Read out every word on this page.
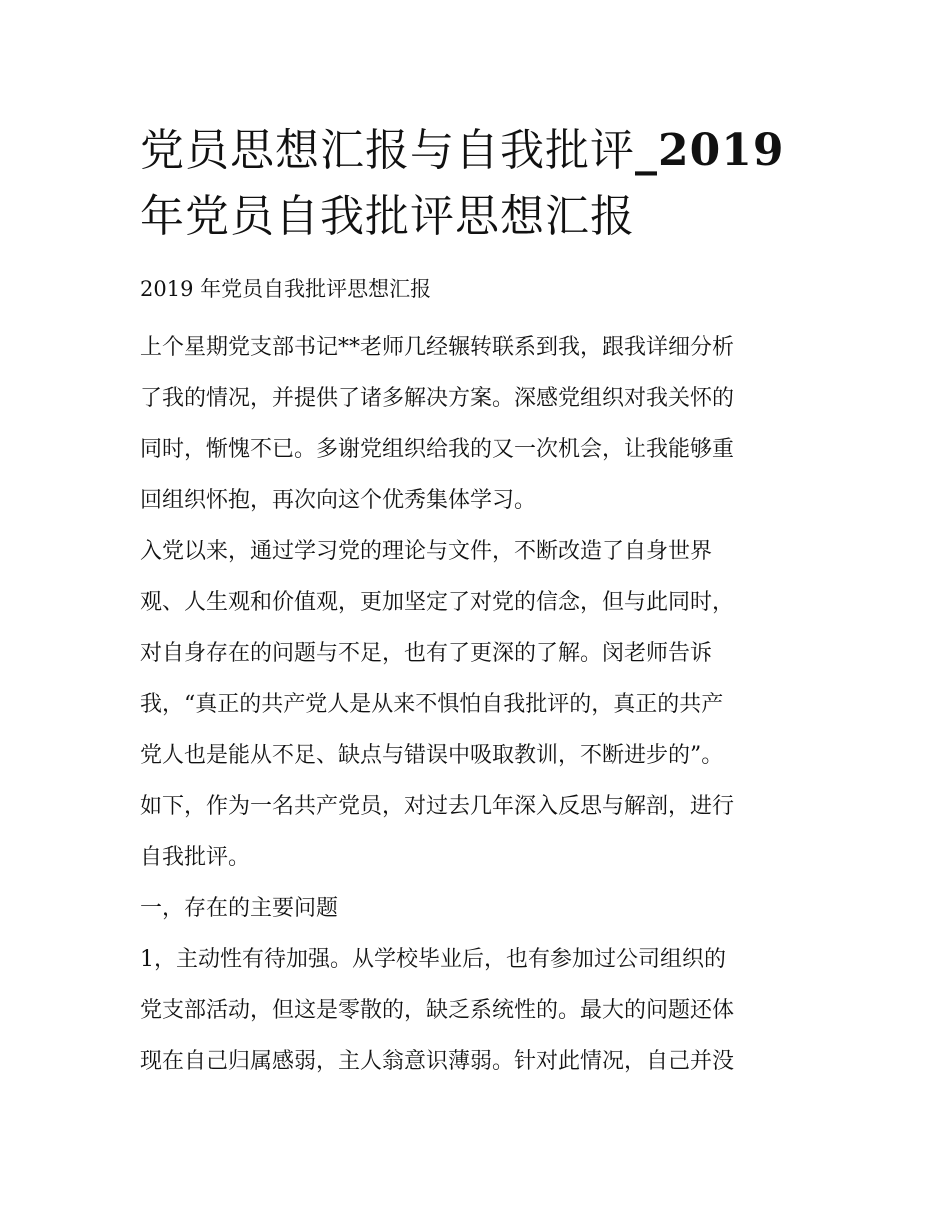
党员思想汇报与自我批评_2019
年党员自我批评思想汇报
2019 年党员自我批评思想汇报
上个星期党支部书记**老师几经辗转联系到我，跟我详细分析
了我的情况，并提供了诸多解决方案。深感党组织对我关怀的
同时，惭愧不已。多谢党组织给我的又一次机会，让我能够重
回组织怀抱，再次向这个优秀集体学习。
入党以来，通过学习党的理论与文件，不断改造了自身世界
观、人生观和价值观，更加坚定了对党的信念，但与此同时，
对自身存在的问题与不足，也有了更深的了解。闵老师告诉
我，“真正的共产党人是从来不惧怕自我批评的，真正的共产
党人也是能从不足、缺点与错误中吸取教训，不断进步的”。
如下，作为一名共产党员，对过去几年深入反思与解剖，进行
自我批评。
一，存在的主要问题
1，主动性有待加强。从学校毕业后，也有参加过公司组织的
党支部活动，但这是零散的，缺乏系统性的。最大的问题还体
现在自己归属感弱，主人翁意识薄弱。针对此情况，自己并没
